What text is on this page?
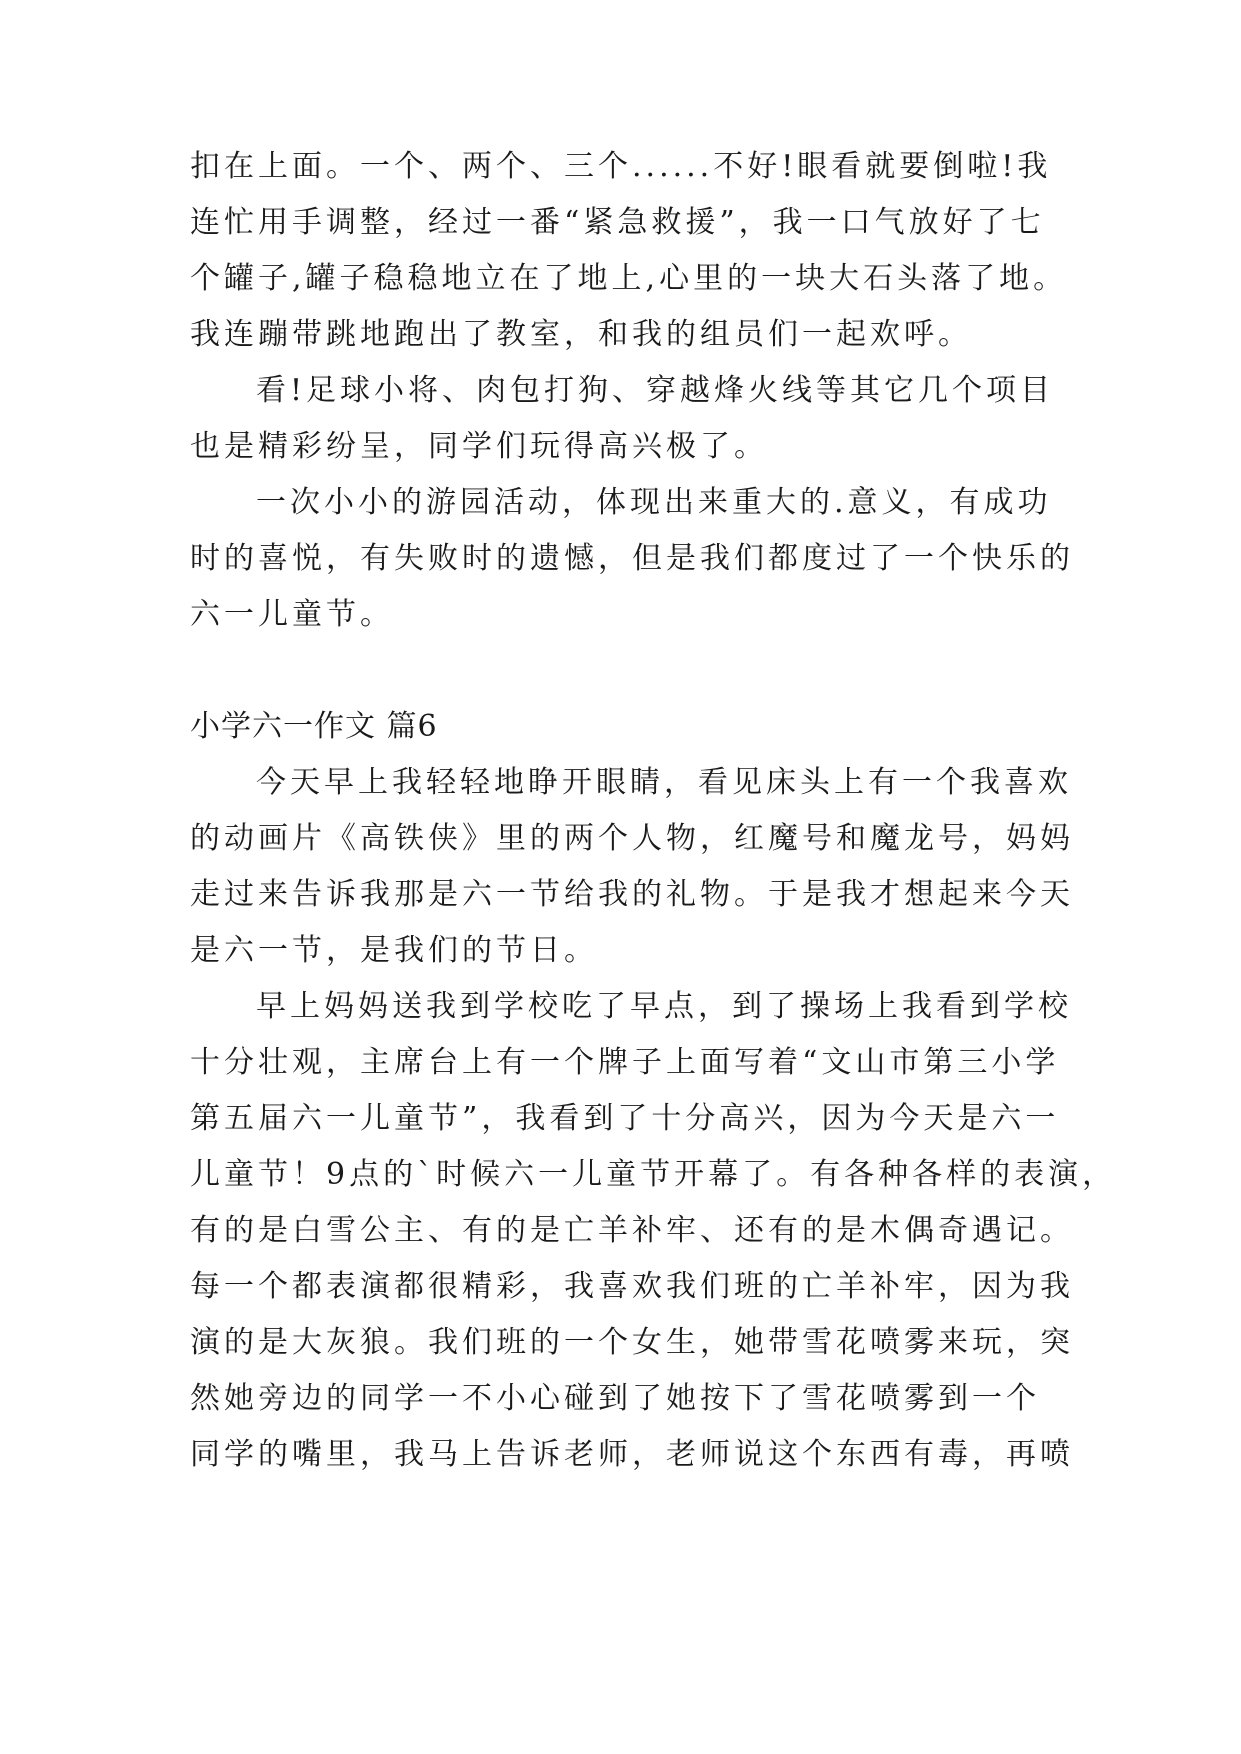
扣在上面。一个、两个、三个......不好!眼看就要倒啦!我
连忙用手调整，经过一番“紧急救援”，我一口气放好了七
个罐子,罐子稳稳地立在了地上,心里的一块大石头落了地。
我连蹦带跳地跑出了教室，和我的组员们一起欢呼。
看!足球小将、肉包打狗、穿越烽火线等其它几个项目
也是精彩纷呈，同学们玩得高兴极了。
一次小小的游园活动，体现出来重大的.意义，有成功
时的喜悦，有失败时的遗憾，但是我们都度过了一个快乐的
六一儿童节。
小学六一作文 篇6
今天早上我轻轻地睁开眼睛，看见床头上有一个我喜欢
的动画片《高铁侠》里的两个人物，红魔号和魔龙号，妈妈
走过来告诉我那是六一节给我的礼物。于是我才想起来今天
是六一节，是我们的节日。
早上妈妈送我到学校吃了早点，到了操场上我看到学校
十分壮观，主席台上有一个牌子上面写着“文山市第三小学
第五届六一儿童节”，我看到了十分高兴，因为今天是六一
儿童节！9点的`时候六一儿童节开幕了。有各种各样的表演，
有的是白雪公主、有的是亡羊补牢、还有的是木偶奇遇记。
每一个都表演都很精彩，我喜欢我们班的亡羊补牢，因为我
演的是大灰狼。我们班的一个女生，她带雪花喷雾来玩，突
然她旁边的同学一不小心碰到了她按下了雪花喷雾到一个
同学的嘴里，我马上告诉老师，老师说这个东西有毒，再喷
